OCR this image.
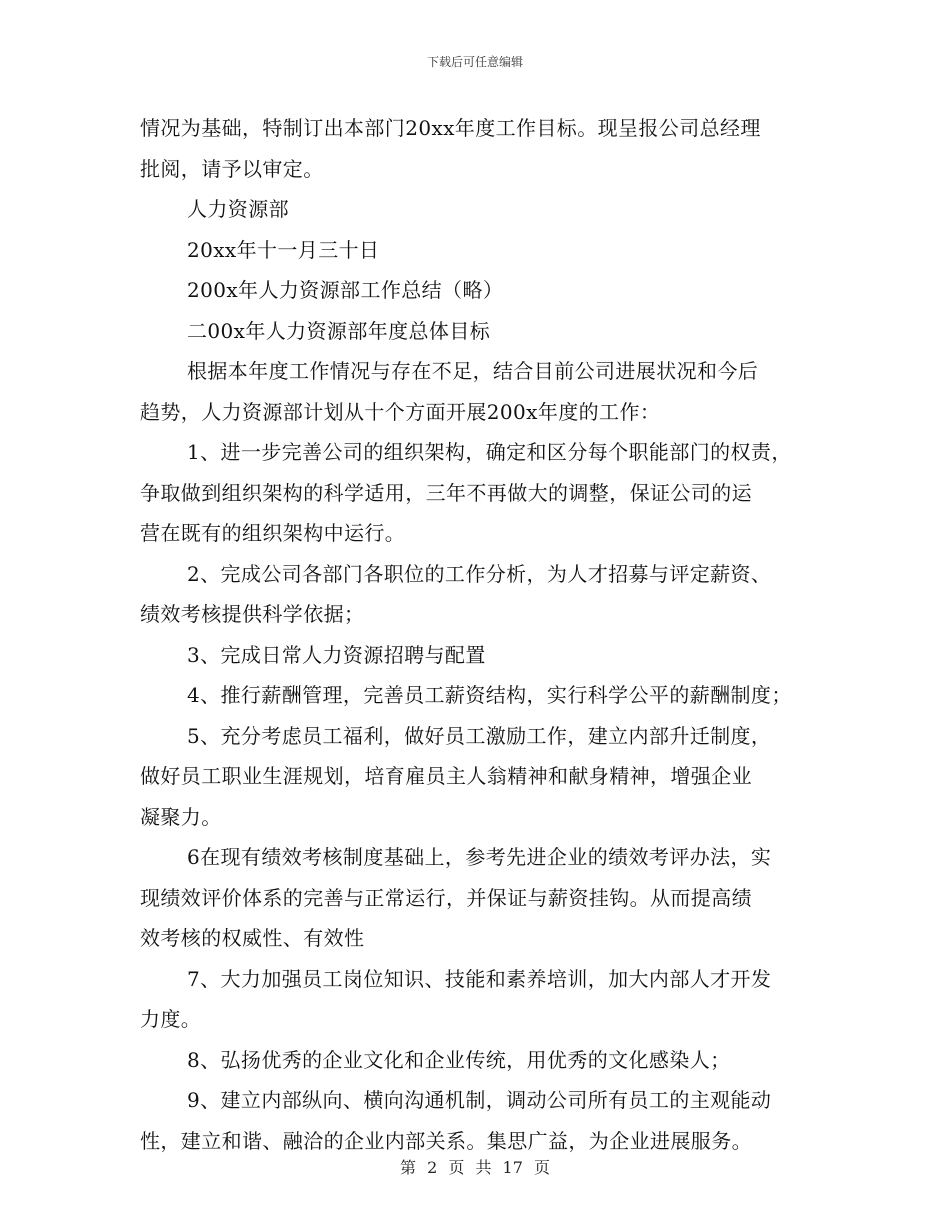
下载后可任意编辑
情况为基础，特制订出本部门20xx年度工作目标。现呈报公司总经理
批阅，请予以审定。
人力资源部
20xx年十一月三十日
200x年人力资源部工作总结（略）
二00x年人力资源部年度总体目标
根据本年度工作情况与存在不足，结合目前公司进展状况和今后
趋势，人力资源部计划从十个方面开展200x年度的工作：
1、进一步完善公司的组织架构，确定和区分每个职能部门的权责，
争取做到组织架构的科学适用，三年不再做大的调整，保证公司的运
营在既有的组织架构中运行。
2、完成公司各部门各职位的工作分析，为人才招募与评定薪资、
绩效考核提供科学依据；
3、完成日常人力资源招聘与配置
4、推行薪酬管理，完善员工薪资结构，实行科学公平的薪酬制度；
5、充分考虑员工福利，做好员工激励工作，建立内部升迁制度，
做好员工职业生涯规划，培育雇员主人翁精神和献身精神，增强企业
凝聚力。
6在现有绩效考核制度基础上，参考先进企业的绩效考评办法，实
现绩效评价体系的完善与正常运行，并保证与薪资挂钩。从而提高绩
效考核的权威性、有效性
7、大力加强员工岗位知识、技能和素养培训，加大内部人才开发
力度。
8、弘扬优秀的企业文化和企业传统，用优秀的文化感染人；
9、建立内部纵向、横向沟通机制，调动公司所有员工的主观能动
性，建立和谐、融洽的企业内部关系。集思广益，为企业进展服务。
第 2 页 共 17 页
